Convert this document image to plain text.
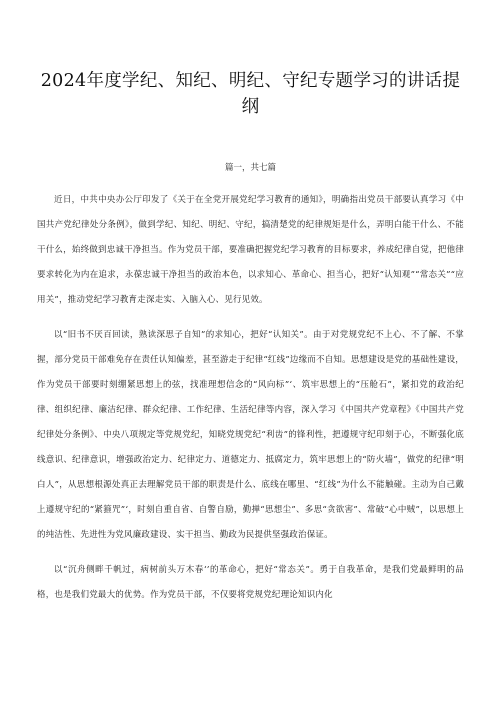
2024年度学纪、知纪、明纪、守纪专题学习的讲话提纲
篇一，共七篇

近日，中共中央办公厅印发了《关于在全党开展党纪学习教育的通知》，明确指出党员干部要认真学习《中国共产党纪律处分条例》，做到学纪、知纪、明纪、守纪，搞清楚党的纪律规矩是什么，弄明白能干什么、不能干什么，始终做到忠诚干净担当。作为党员干部，要准确把握党纪学习教育的目标要求，养成纪律自觉，把他律要求转化为内在追求，永葆忠诚干净担当的政治本色，以求知心、革命心、担当心，把好“认知观”“常态关”“应用关”，推动党纪学习教育走深走实、入脑入心、见行见效。

以“旧书不厌百回读，熟读深思子自知”的求知心，把好“认知关”。由于对党规党纪不上心、不了解、不掌握，部分党员干部难免存在责任认知偏差，甚至游走于纪律“红线”边缘而不自知。思想建设是党的基础性建设，作为党员干部要时刻绷紧思想上的弦，找准理想信念的“风向标”‘、筑牢思想上的“压舱石”，紧扣党的政治纪律、组织纪律、廉洁纪律、群众纪律、工作纪律、生活纪律等内容，深入学习《中国共产党章程》《中国共产党纪律处分条例》、中央八项规定等党规党纪，知晓党规党纪“利齿”的锋利性，把遵规守纪印刻于心，不断强化底线意识、纪律意识，增强政治定力、纪律定力、道德定力、抵腐定力，筑牢思想上的“防火墙”，做党的纪律“明白人”，从思想根源处真正去理解党员干部的职责是什么、底线在哪里、“红线”为什么不能触碰。主动为自己戴上遵规守纪的“紧箍咒”‘，时刻自重自省、自警自励，勤掸“思想尘”、多思“贪欲害”、常破“心中贼”，以思想上的纯洁性、先进性为党风廉政建设、实干担当、勤政为民提供坚强政治保证。

以“沉舟侧畔千帆过，病树前头万木春‘’的革命心，把好“常态关”。勇于自我革命，是我们党最鲜明的品格，也是我们党最大的优势。作为党员干部，不仅要将党规党纪理论知识内化
